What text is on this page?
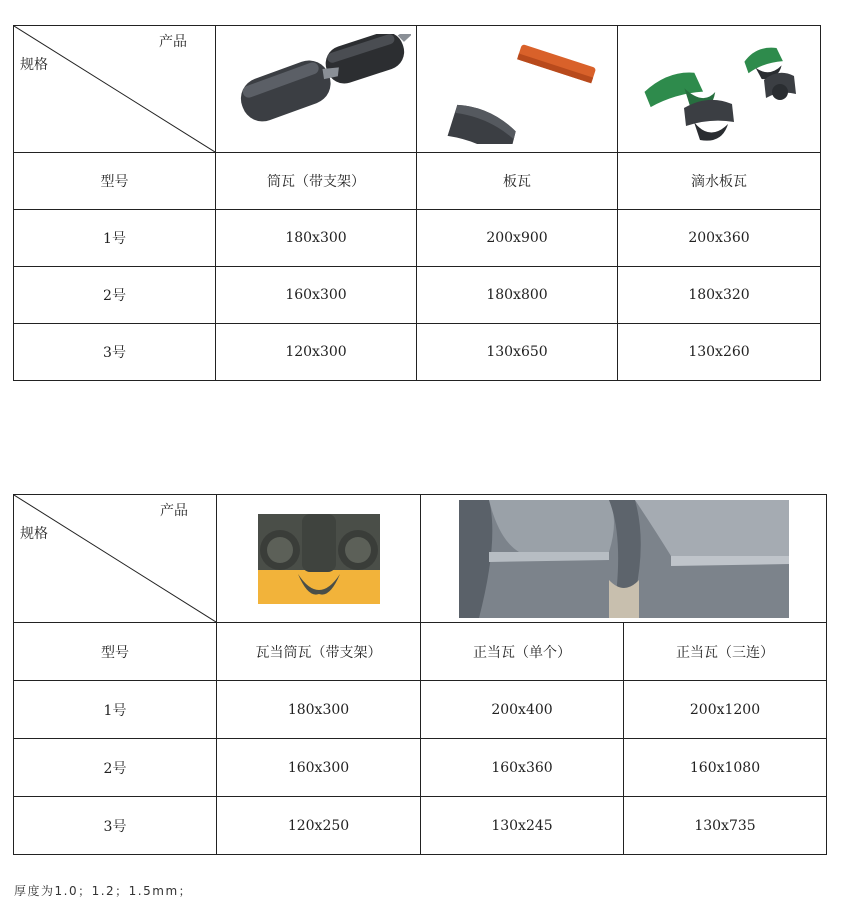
产品
规格

型号	筒瓦（带支架）	板瓦	滴水板瓦
1号	180x300	200x900	200x360
2号	160x300	180x800	180x320
3号	120x300	130x650	130x260
产品
规格

型号	瓦当筒瓦（带支架）	正当瓦（单个）	正当瓦（三连）
1号	180x300	200x400	200x1200
2号	160x300	160x360	160x1080
3号	120x250	130x245	130x735
厚度为1.0；1.2；1.5mm；
